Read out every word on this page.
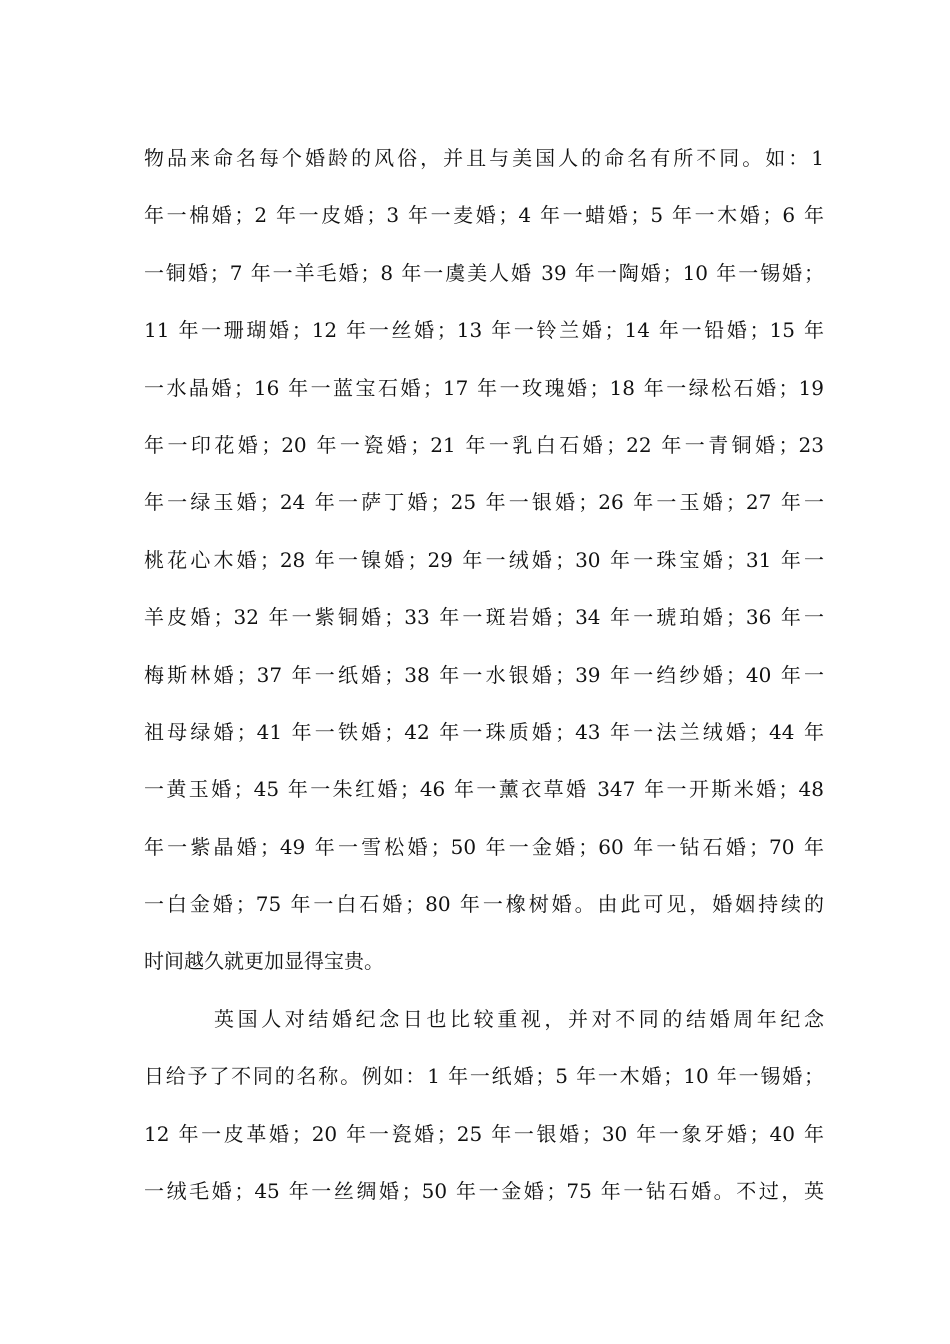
物品来命名每个婚龄的风俗，并且与美国人的命名有所不同。如：1
年一棉婚；2 年一皮婚；3 年一麦婚；4 年一蜡婚；5 年一木婚；6 年
一铜婚；7 年一羊毛婚；8 年一虞美人婚 39 年一陶婚；10 年一锡婚；
11 年一珊瑚婚；12 年一丝婚；13 年一铃兰婚；14 年一铅婚；15 年
一水晶婚；16 年一蓝宝石婚；17 年一玫瑰婚；18 年一绿松石婚；19
年一印花婚；20 年一瓷婚；21 年一乳白石婚；22 年一青铜婚；23
年一绿玉婚；24 年一萨丁婚；25 年一银婚；26 年一玉婚；27 年一
桃花心木婚；28 年一镍婚；29 年一绒婚；30 年一珠宝婚；31 年一
羊皮婚；32 年一紫铜婚；33 年一斑岩婚；34 年一琥珀婚；36 年一
梅斯林婚；37 年一纸婚；38 年一水银婚；39 年一绉纱婚；40 年一
祖母绿婚；41 年一铁婚；42 年一珠质婚；43 年一法兰绒婚；44 年
一黄玉婚；45 年一朱红婚；46 年一薰衣草婚 347 年一开斯米婚；48
年一紫晶婚；49 年一雪松婚；50 年一金婚；60 年一钻石婚；70 年
一白金婚；75 年一白石婚；80 年一橡树婚。由此可见，婚姻持续的
时间越久就更加显得宝贵。
英国人对结婚纪念日也比较重视，并对不同的结婚周年纪念
日给予了不同的名称。例如：1 年一纸婚；5 年一木婚；10 年一锡婚；
12 年一皮革婚；20 年一瓷婚；25 年一银婚；30 年一象牙婚；40 年
一绒毛婚；45 年一丝绸婚；50 年一金婚；75 年一钻石婚。不过，英
